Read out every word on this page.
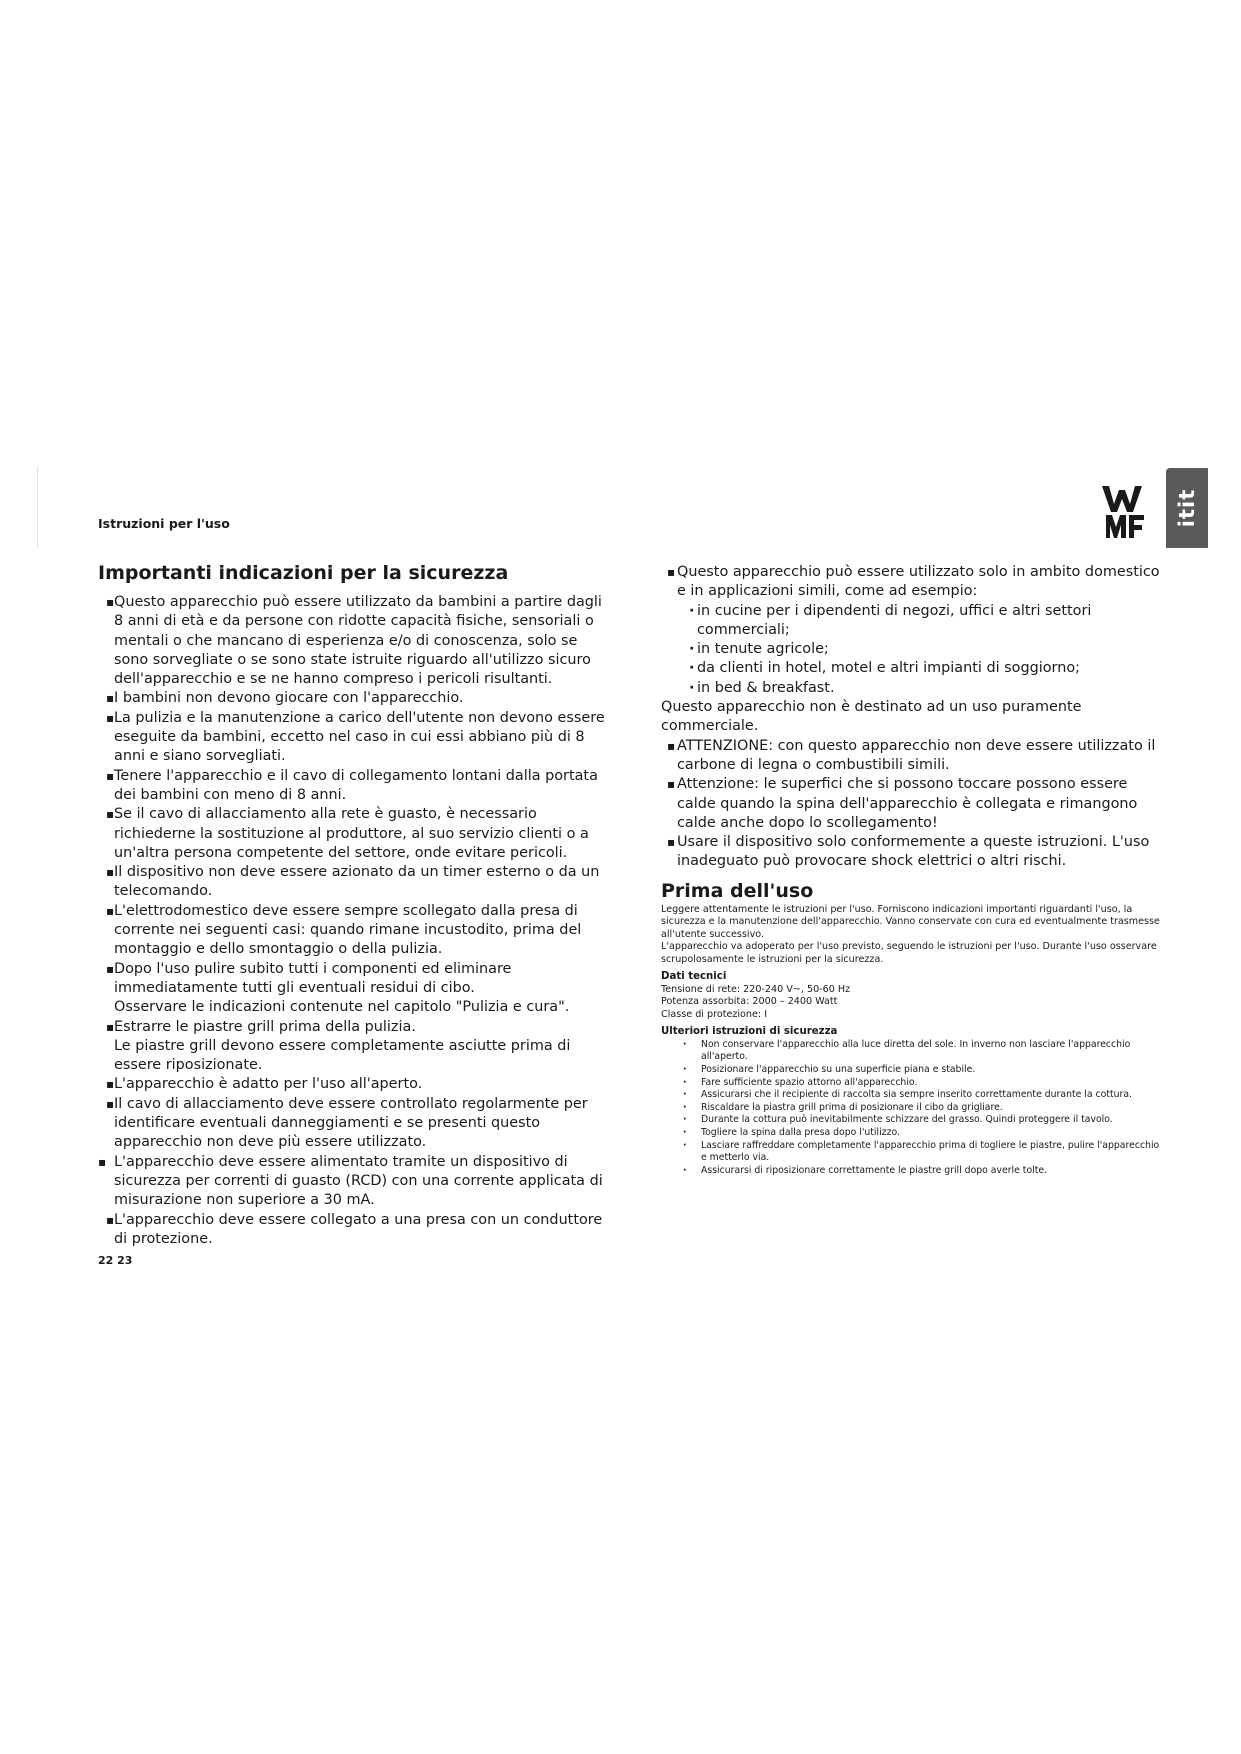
Istruzioni per l'uso	itit
Importanti indicazioni per la sicurezza

▪ Questo apparecchio può essere utilizzato da bambini a partire dagli 8 anni di età e da persone con ridotte capacità fisiche, sensoriali o mentali o che mancano di esperienza e/o di conoscenza, solo se sono sorvegliate o se sono state istruite riguardo all'utilizzo sicuro dell'apparecchio e se ne hanno compreso i pericoli risultanti.

▪ I bambini non devono giocare con l'apparecchio.

▪ La pulizia e la manutenzione a carico dell'utente non devono essere eseguite da bambini, eccetto nel caso in cui essi abbiano più di 8 anni e siano sorvegliati.

▪ Tenere l'apparecchio e il cavo di collegamento lontani dalla portata dei bambini con meno di 8 anni.

▪ Se il cavo di allacciamento alla rete è guasto, è necessario richiederne la sostituzione al produttore, al suo servizio clienti o a un'altra persona competente del settore, onde evitare pericoli.

▪ Il dispositivo non deve essere azionato da un timer esterno o da un telecomando.

▪ L'elettrodomestico deve essere sempre scollegato dalla presa di corrente nei seguenti casi: quando rimane incustodito, prima del montaggio e dello smontaggio o della pulizia.

▪ Dopo l'uso pulire subito tutti i componenti ed eliminare immediatamente tutti gli eventuali residui di cibo.

Osservare le indicazioni contenute nel capitolo "Pulizia e cura".

▪ Estrarre le piastre grill prima della pulizia.

Le piastre grill devono essere completamente asciutte prima di essere riposizionate.

▪ L'apparecchio è adatto per l'uso all'aperto.

▪ Il cavo di allacciamento deve essere controllato regolarmente per identificare eventuali danneggiamenti e se presenti questo apparecchio non deve più essere utilizzato.

▪ L'apparecchio deve essere alimentato tramite un dispositivo di sicurezza per correnti di guasto (RCD) con una corrente applicata di misurazione non superiore a 30 mA.

▪ L'apparecchio deve essere collegato a una presa con un conduttore di protezione.

▪ Questo apparecchio può essere utilizzato solo in ambito domestico e in applicazioni simili, come ad esempio:

· in cucine per i dipendenti di negozi, uffici e altri settori commerciali;

· in tenute agricole;

· da clienti in hotel, motel e altri impianti di soggiorno;

· in bed & breakfast.

Questo apparecchio non è destinato ad un uso puramente commerciale.

▪ ATTENZIONE: con questo apparecchio non deve essere utilizzato il carbone di legna o combustibili simili.

▪ Attenzione: le superfici che si possono toccare possono essere calde quando la spina dell'apparecchio è collegata e rimangono calde anche dopo lo scollegamento!

▪ Usare il dispositivo solo conformemente a queste istruzioni. L'uso inadeguato può provocare shock elettrici o altri rischi.

Prima dell'uso

Leggere attentamente le istruzioni per l'uso. Forniscono indicazioni importanti riguardanti l'uso, la sicurezza e la manutenzione dell'apparecchio. Vanno conservate con cura ed eventualmente trasmesse all'utente successivo.

L'apparecchio va adoperato per l'uso previsto, seguendo le istruzioni per l'uso. Durante l'uso osservare scrupolosamente le istruzioni per la sicurezza.

Dati tecnici

Tensione di rete: 220-240 V~, 50-60 Hz

Potenza assorbita: 2000 – 2400 Watt

Classe di protezione: I

Ulteriori istruzioni di sicurezza

· Non conservare l'apparecchio alla luce diretta del sole. In inverno non lasciare l'apparecchio all'aperto.

· Posizionare l'apparecchio su una superficie piana e stabile.

· Fare sufficiente spazio attorno all'apparecchio.

· Assicurarsi che il recipiente di raccolta sia sempre inserito correttamente durante la cottura.

· Riscaldare la piastra grill prima di posizionare il cibo da grigliare.

· Durante la cottura può inevitabilmente schizzare del grasso. Quindi proteggere il tavolo.

· Togliere la spina dalla presa dopo l'utilizzo.

· Lasciare raffreddare completamente l'apparecchio prima di togliere le piastre, pulire l'apparecchio e metterlo via.

· Assicurarsi di riposizionare correttamente le piastre grill dopo averle tolte.

22 23
